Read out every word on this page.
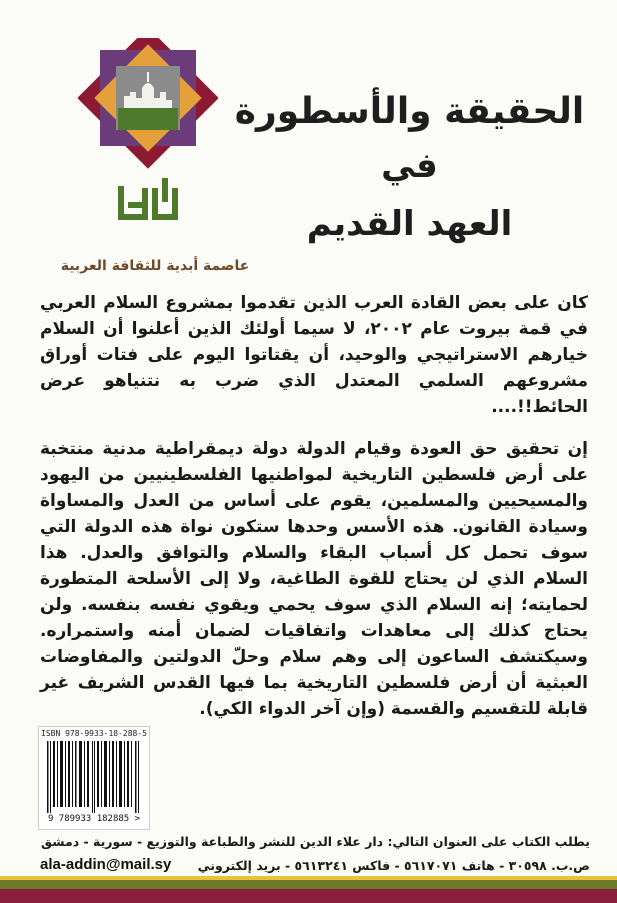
الحقيقة والأسطورة
في
العهد القديم
عاصمة أبدية للثقافة العربية

كان على بعض القادة العرب الذين تقدموا بمشروع السلام العربي في قمة بيروت عام ٢٠٠٢، لا سيما أولئك الذين أعلنوا أن السلام خيارهم الاستراتيجي والوحيد، أن يقتاتوا اليوم على فتات أوراق مشروعهم السلمي المعتدل الذي ضرب به نتنياهو عرض الحائط!!....

إن تحقيق حق العودة وقيام الدولة دولة ديمقراطية مدنية منتخبة على أرض فلسطين التاريخية لمواطنيها الفلسطينيين من اليهود والمسيحيين والمسلمين، يقوم على أساس من العدل والمساواة وسيادة القانون. هذه الأسس وحدها ستكون نواة هذه الدولة التي سوف تحمل كل أسباب البقاء والسلام والتوافق والعدل. هذا السلام الذي لن يحتاج للقوة الطاغية، ولا إلى الأسلحة المتطورة لحمايته؛ إنه السلام الذي سوف يحمي ويقوي نفسه بنفسه. ولن يحتاج كذلك إلى معاهدات واتفاقيات لضمان أمنه واستمراره. وسيكتشف الساعون إلى وهم سلام وحلّ الدولتين والمفاوضات العبثية أن أرض فلسطين التاريخية بما فيها القدس الشريف غير قابلة للتقسيم والقسمة (وإن آخر الدواء الكي).

ISBN 978-9933-18-288-5
9 789933 182885 >
يطلب الكتاب على العنوان التالي: دار علاء الدين للنشر والطباعة والتوزيع - سورية - دمشق
ص.ب. ٣٠٥٩٨ - هاتف ٥٦١٧٠٧١ - فاكس ٥٦١٣٢٤١ - بريد إلكتروني
ala-addin@mail.sy
